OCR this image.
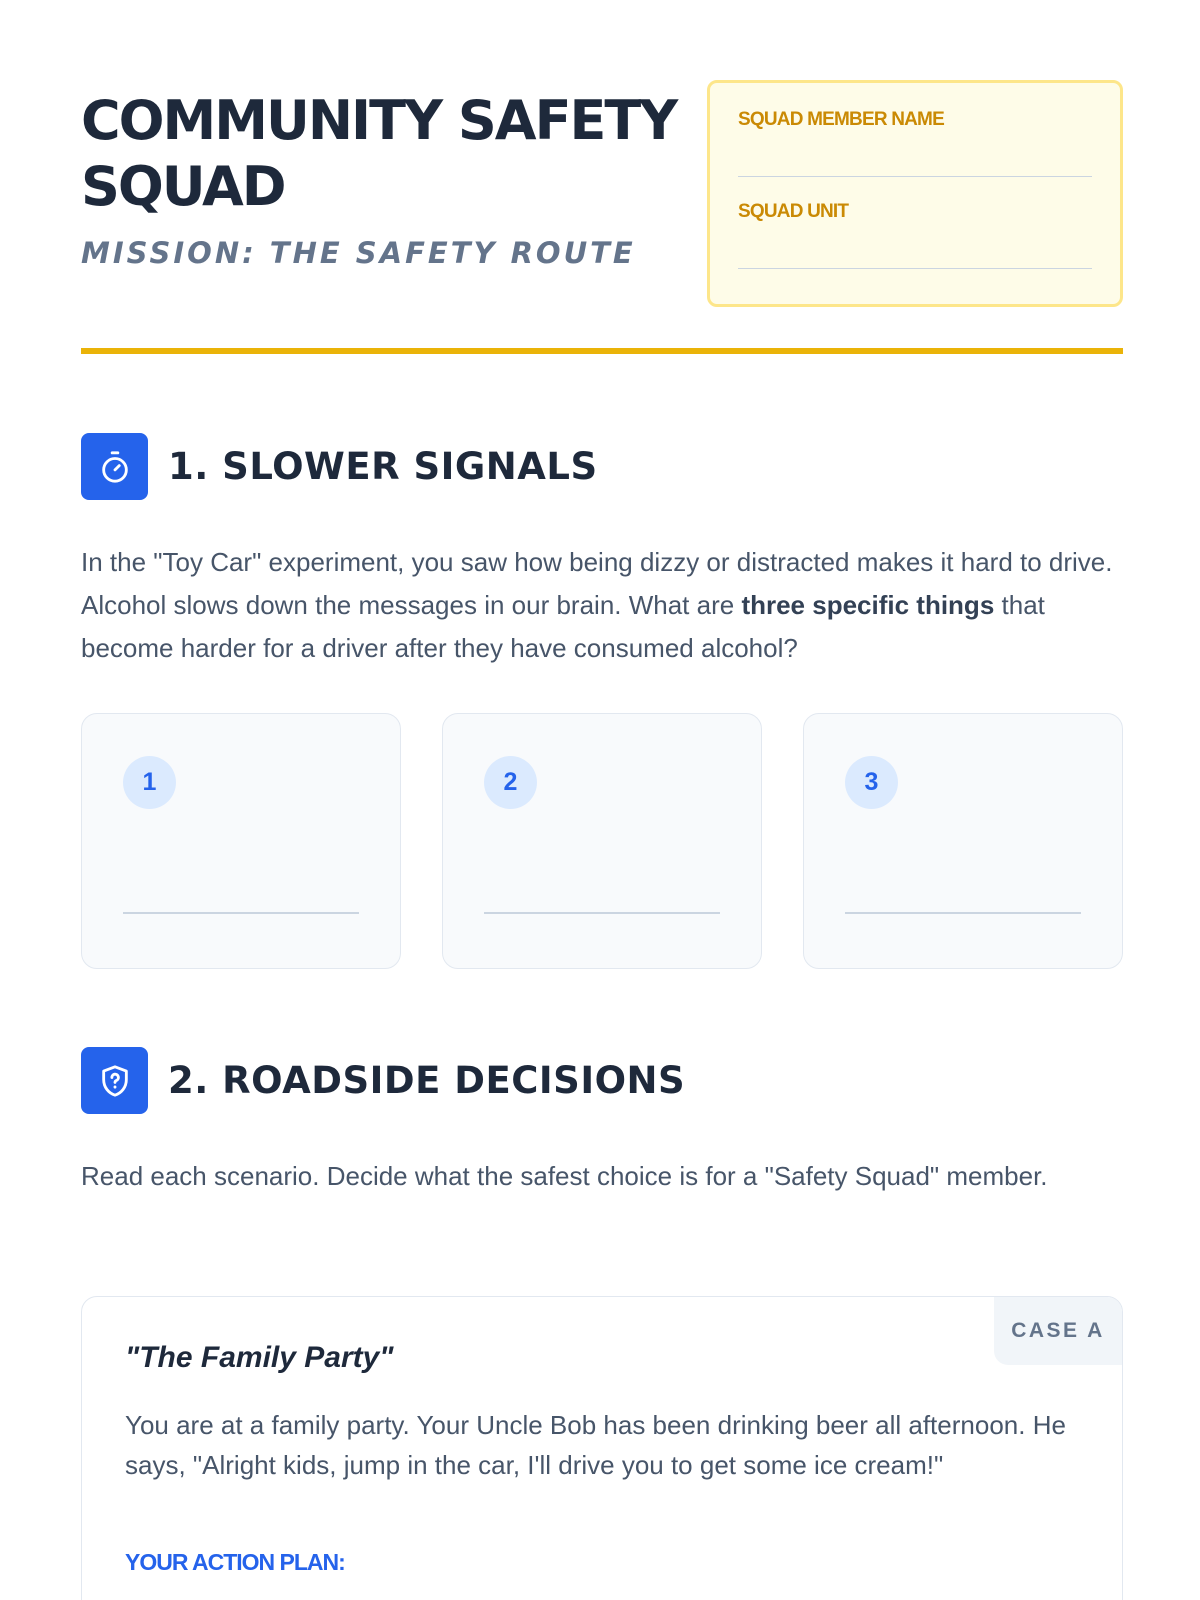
COMMUNITY SAFETY SQUAD
MISSION: THE SAFETY ROUTE
SQUAD MEMBER NAME
SQUAD UNIT
1. SLOWER SIGNALS

In the "Toy Car" experiment, you saw how being dizzy or distracted makes it hard to drive. Alcohol slows down the messages in our brain. What are three specific things that become harder for a driver after they have consumed alcohol?

1	2	3
2. ROADSIDE DECISIONS

Read each scenario. Decide what the safest choice is for a "Safety Squad" member.

CASE A
"The Family Party"

You are at a family party. Your Uncle Bob has been drinking beer all afternoon. He says, "Alright kids, jump in the car, I'll drive you to get some ice cream!"

YOUR ACTION PLAN:
